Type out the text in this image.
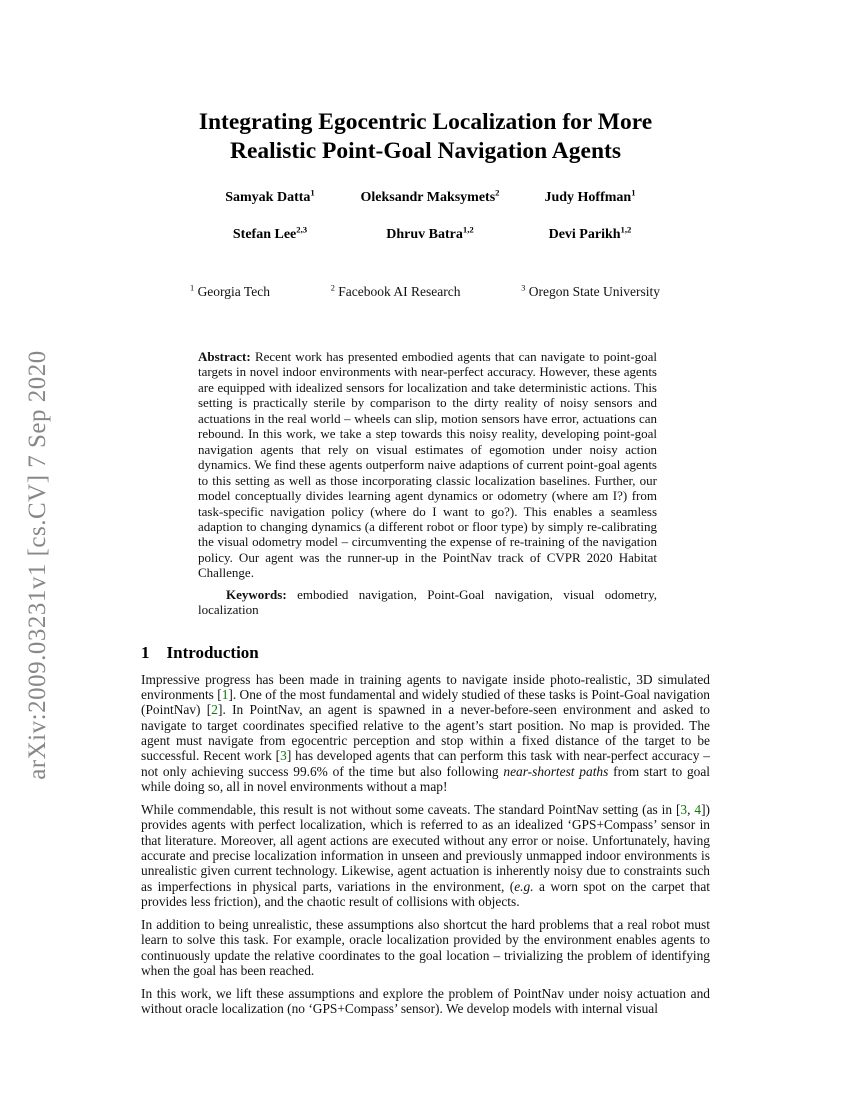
arXiv:2009.03231v1 [cs.CV] 7 Sep 2020
Integrating Egocentric Localization for More
Realistic Point-Goal Navigation Agents
Samyak Datta$^1$	Oleksandr Maksymets$^2$	Judy Hoffman$^1$
Stefan Lee$^{2,3}$	Dhruv Batra$^{1,2}$	Devi Parikh$^{1,2}$
$^1$ Georgia Tech	$^2$ Facebook AI Research	$^3$ Oregon State University

Abstract: Recent work has presented embodied agents that can navigate to point-goal targets in novel indoor environments with near-perfect accuracy. However, these agents are equipped with idealized sensors for localization and take deterministic actions. This setting is practically sterile by comparison to the dirty reality of noisy sensors and actuations in the real world – wheels can slip, motion sensors have error, actuations can rebound. In this work, we take a step towards this noisy reality, developing point-goal navigation agents that rely on visual estimates of egomotion under noisy action dynamics. We find these agents outperform naive adaptions of current point-goal agents to this setting as well as those incorporating classic localization baselines. Further, our model conceptually divides learning agent dynamics or odometry (where am I?) from task-specific navigation policy (where do I want to go?). This enables a seamless adaption to changing dynamics (a different robot or floor type) by simply re-calibrating the visual odometry model – circumventing the expense of re-training of the navigation policy. Our agent was the runner-up in the PointNav track of CVPR 2020 Habitat Challenge.

Keywords: embodied navigation, Point-Goal navigation, visual odometry, localization

1 Introduction

Impressive progress has been made in training agents to navigate inside photo-realistic, 3D simulated environments [1]. One of the most fundamental and widely studied of these tasks is Point-Goal navigation (PointNav) [2]. In PointNav, an agent is spawned in a never-before-seen environment and asked to navigate to target coordinates specified relative to the agent’s start position. No map is provided. The agent must navigate from egocentric perception and stop within a fixed distance of the target to be successful. Recent work [3] has developed agents that can perform this task with near-perfect accuracy – not only achieving success 99.6% of the time but also following near-shortest paths from start to goal while doing so, all in novel environments without a map!

While commendable, this result is not without some caveats. The standard PointNav setting (as in [3, 4]) provides agents with perfect localization, which is referred to as an idealized ‘GPS+Compass’ sensor in that literature. Moreover, all agent actions are executed without any error or noise. Unfortunately, having accurate and precise localization information in unseen and previously unmapped indoor environments is unrealistic given current technology. Likewise, agent actuation is inherently noisy due to constraints such as imperfections in physical parts, variations in the environment, (e.g. a worn spot on the carpet that provides less friction), and the chaotic result of collisions with objects.

In addition to being unrealistic, these assumptions also shortcut the hard problems that a real robot must learn to solve this task. For example, oracle localization provided by the environment enables agents to continuously update the relative coordinates to the goal location – trivializing the problem of identifying when the goal has been reached.

In this work, we lift these assumptions and explore the problem of PointNav under noisy actuation and without oracle localization (no ‘GPS+Compass’ sensor). We develop models with internal visual
